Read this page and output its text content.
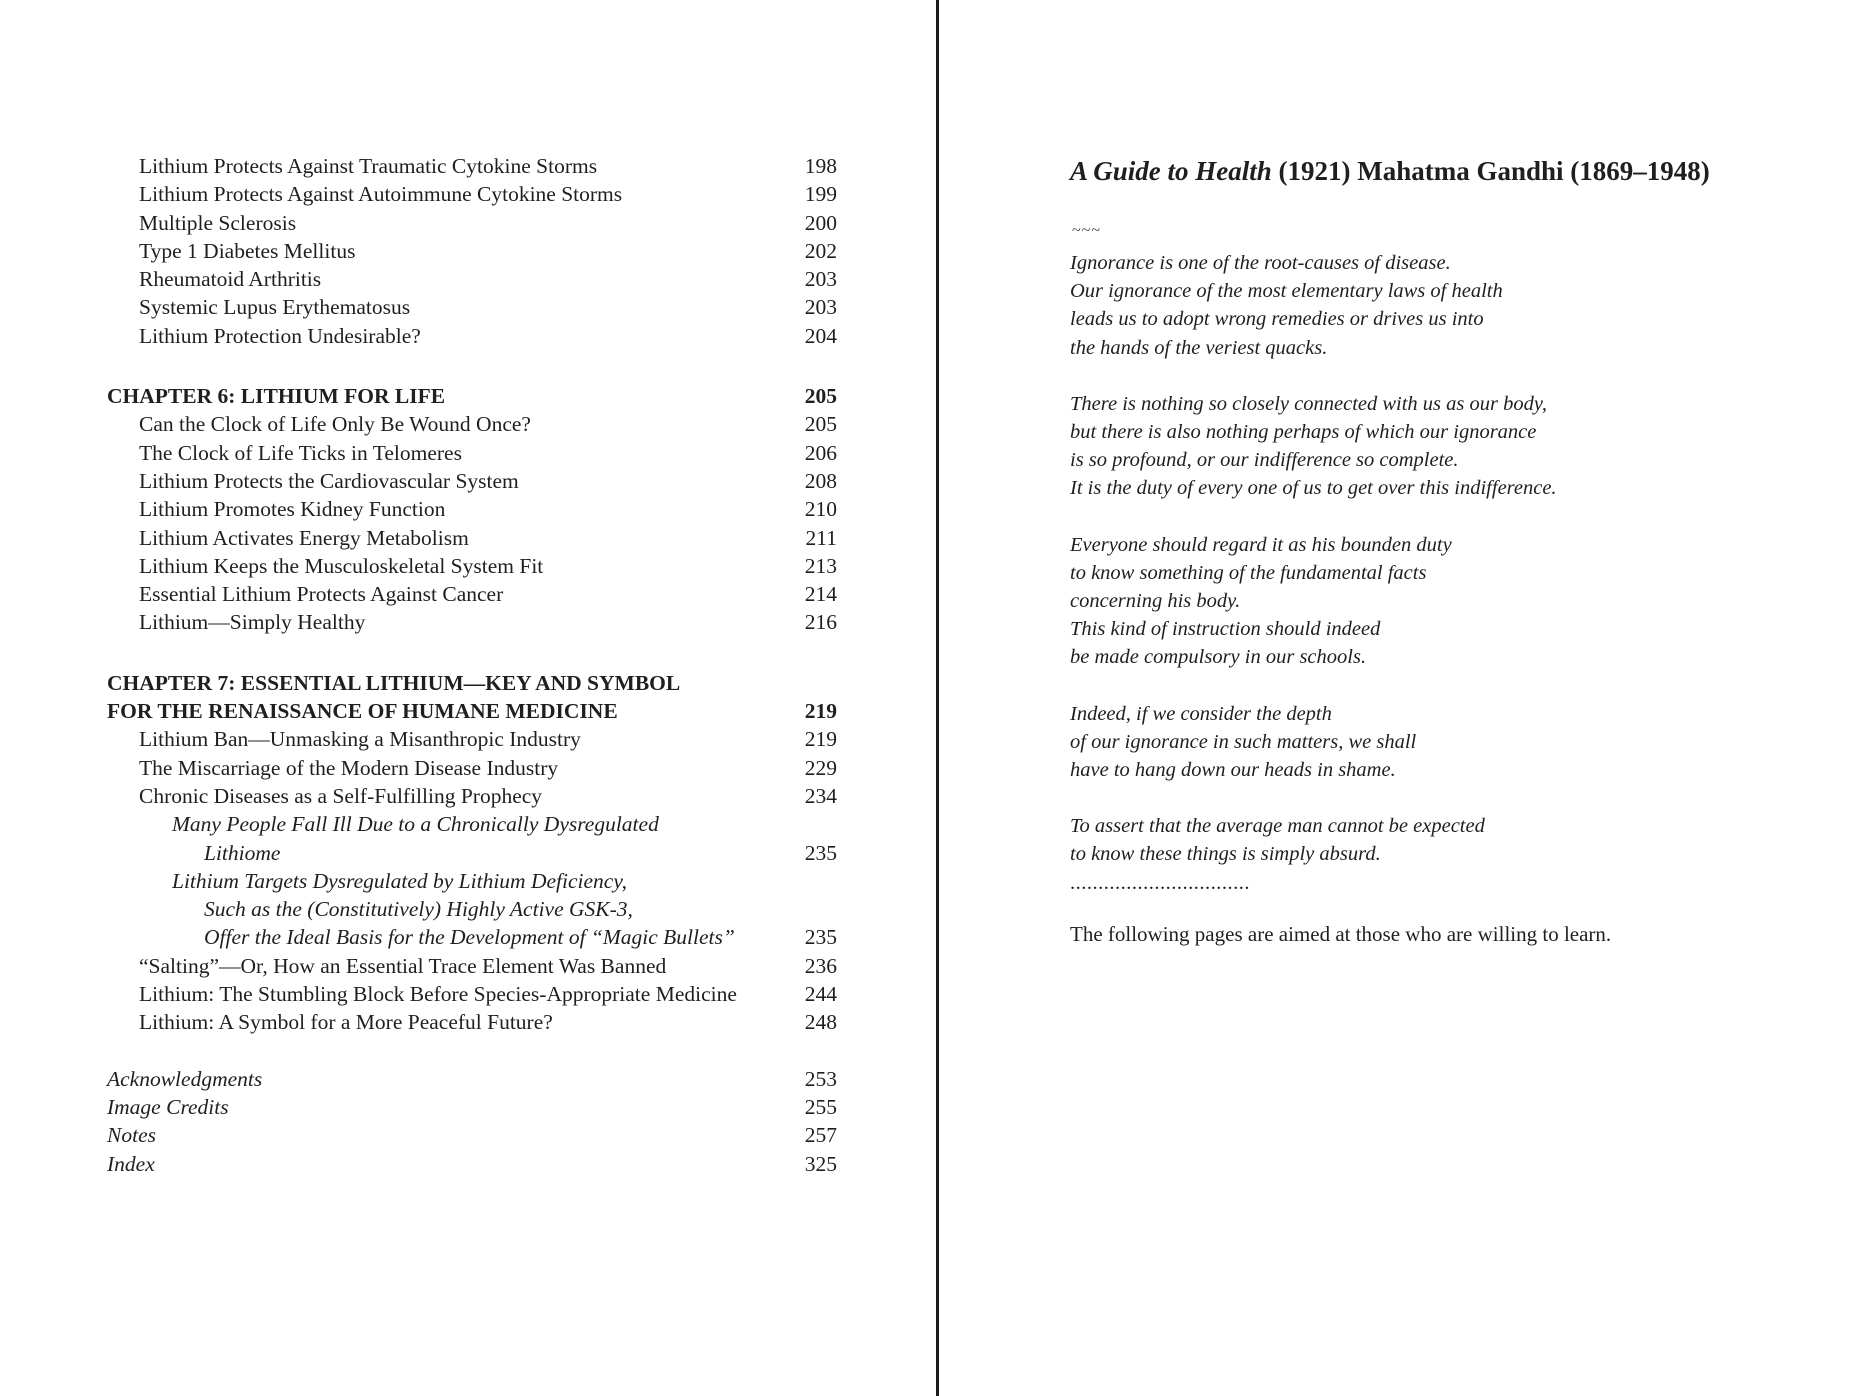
Lithium Protects Against Traumatic Cytokine Storms	198
Lithium Protects Against Autoimmune Cytokine Storms	199
Multiple Sclerosis	200
Type 1 Diabetes Mellitus	202
Rheumatoid Arthritis	203
Systemic Lupus Erythematosus	203
Lithium Protection Undesirable?	204
CHAPTER 6: LITHIUM FOR LIFE	205
Can the Clock of Life Only Be Wound Once?	205
The Clock of Life Ticks in Telomeres	206
Lithium Protects the Cardiovascular System	208
Lithium Promotes Kidney Function	210
Lithium Activates Energy Metabolism	211
Lithium Keeps the Musculoskeletal System Fit	213
Essential Lithium Protects Against Cancer	214
Lithium—Simply Healthy	216
CHAPTER 7: ESSENTIAL LITHIUM—KEY AND SYMBOL
FOR THE RENAISSANCE OF HUMANE MEDICINE	219
Lithium Ban—Unmasking a Misanthropic Industry	219
The Miscarriage of the Modern Disease Industry	229
Chronic Diseases as a Self-Fulfilling Prophecy	234
Many People Fall Ill Due to a Chronically Dysregulated
Lithiome	235
Lithium Targets Dysregulated by Lithium Deficiency,
Such as the (Constitutively) Highly Active GSK-3,
Offer the Ideal Basis for the Development of “Magic Bullets”	235
“Salting”—Or, How an Essential Trace Element Was Banned	236
Lithium: The Stumbling Block Before Species-Appropriate Medicine	244
Lithium: A Symbol for a More Peaceful Future?	248
Acknowledgments	253
Image Credits	255
Notes	257
Index	325
A Guide to Health (1921) Mahatma Gandhi (1869–1948)
~~~
Ignorance is one of the root-causes of disease.
Our ignorance of the most elementary laws of health
leads us to adopt wrong remedies or drives us into
the hands of the veriest quacks.
There is nothing so closely connected with us as our body,
but there is also nothing perhaps of which our ignorance
is so profound, or our indifference so complete.
It is the duty of every one of us to get over this indifference.
Everyone should regard it as his bounden duty
to know something of the fundamental facts
concerning his body.
This kind of instruction should indeed
be made compulsory in our schools.
Indeed, if we consider the depth
of our ignorance in such matters, we shall
have to hang down our heads in shame.
To assert that the average man cannot be expected
to know these things is simply absurd.
................................
The following pages are aimed at those who are willing to learn.
